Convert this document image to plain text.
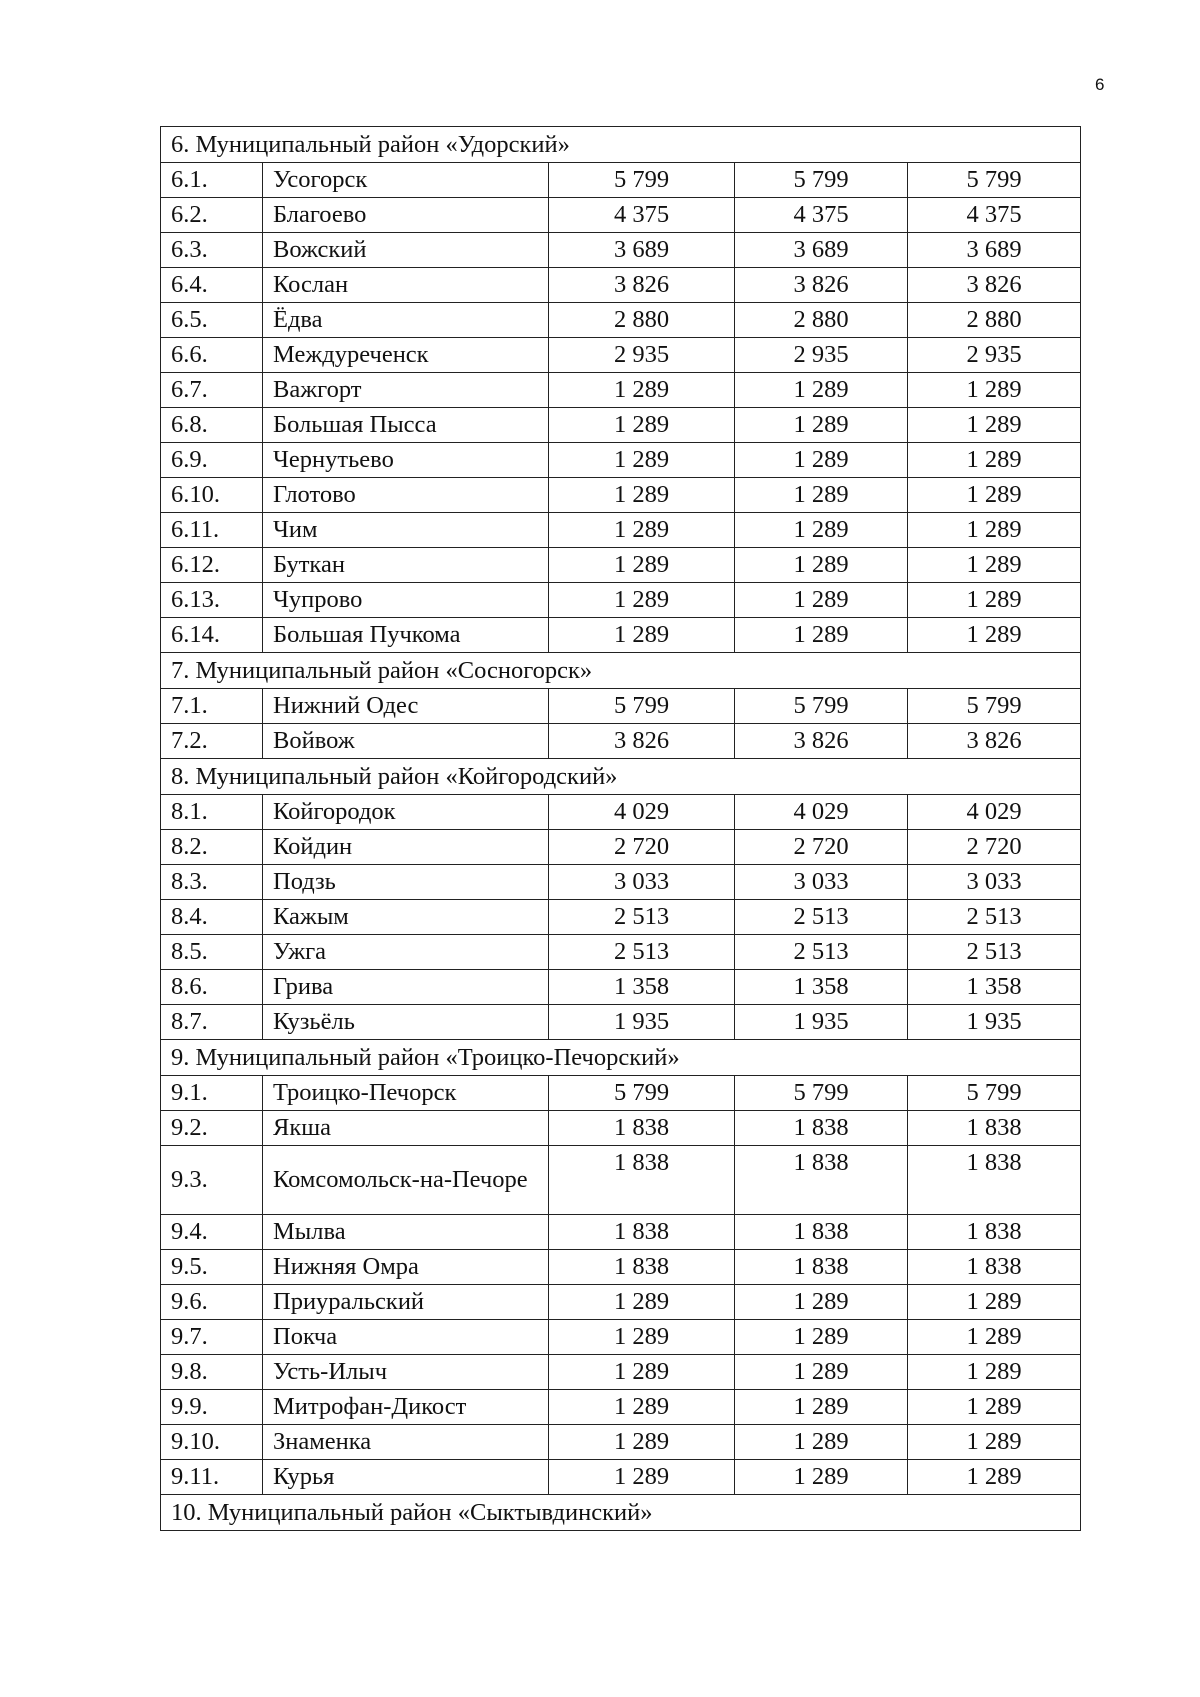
6
6. Муниципальный район «Удорский»				
6.1.	Усогорск	5 799	5 799	5 799
6.2.	Благоево	4 375	4 375	4 375
6.3.	Вожский	3 689	3 689	3 689
6.4.	Кослан	3 826	3 826	3 826
6.5.	Ёдва	2 880	2 880	2 880
6.6.	Междуреченск	2 935	2 935	2 935
6.7.	Важгорт	1 289	1 289	1 289
6.8.	Большая Пысса	1 289	1 289	1 289
6.9.	Чернутьево	1 289	1 289	1 289
6.10.	Глотово	1 289	1 289	1 289
6.11.	Чим	1 289	1 289	1 289
6.12.	Буткан	1 289	1 289	1 289
6.13.	Чупрово	1 289	1 289	1 289
6.14.	Большая Пучкома	1 289	1 289	1 289
7. Муниципальный район «Сосногорск»				
7.1.	Нижний Одес	5 799	5 799	5 799
7.2.	Войвож	3 826	3 826	3 826
8. Муниципальный район «Койгородский»				
8.1.	Койгородок	4 029	4 029	4 029
8.2.	Койдин	2 720	2 720	2 720
8.3.	Подзь	3 033	3 033	3 033
8.4.	Кажым	2 513	2 513	2 513
8.5.	Ужга	2 513	2 513	2 513
8.6.	Грива	1 358	1 358	1 358
8.7.	Кузьёль	1 935	1 935	1 935
9. Муниципальный район «Троицко-Печорский»				
9.1.	Троицко-Печорск	5 799	5 799	5 799
9.2.	Якша	1 838	1 838	1 838
9.3.	Комсомольск-на-Печоре	1 838	1 838	1 838
9.4.	Мылва	1 838	1 838	1 838
9.5.	Нижняя Омра	1 838	1 838	1 838
9.6.	Приуральский	1 289	1 289	1 289
9.7.	Покча	1 289	1 289	1 289
9.8.	Усть-Илыч	1 289	1 289	1 289
9.9.	Митрофан-Дикост	1 289	1 289	1 289
9.10.	Знаменка	1 289	1 289	1 289
9.11.	Курья	1 289	1 289	1 289
10. Муниципальный район «Сыктывдинский»				
